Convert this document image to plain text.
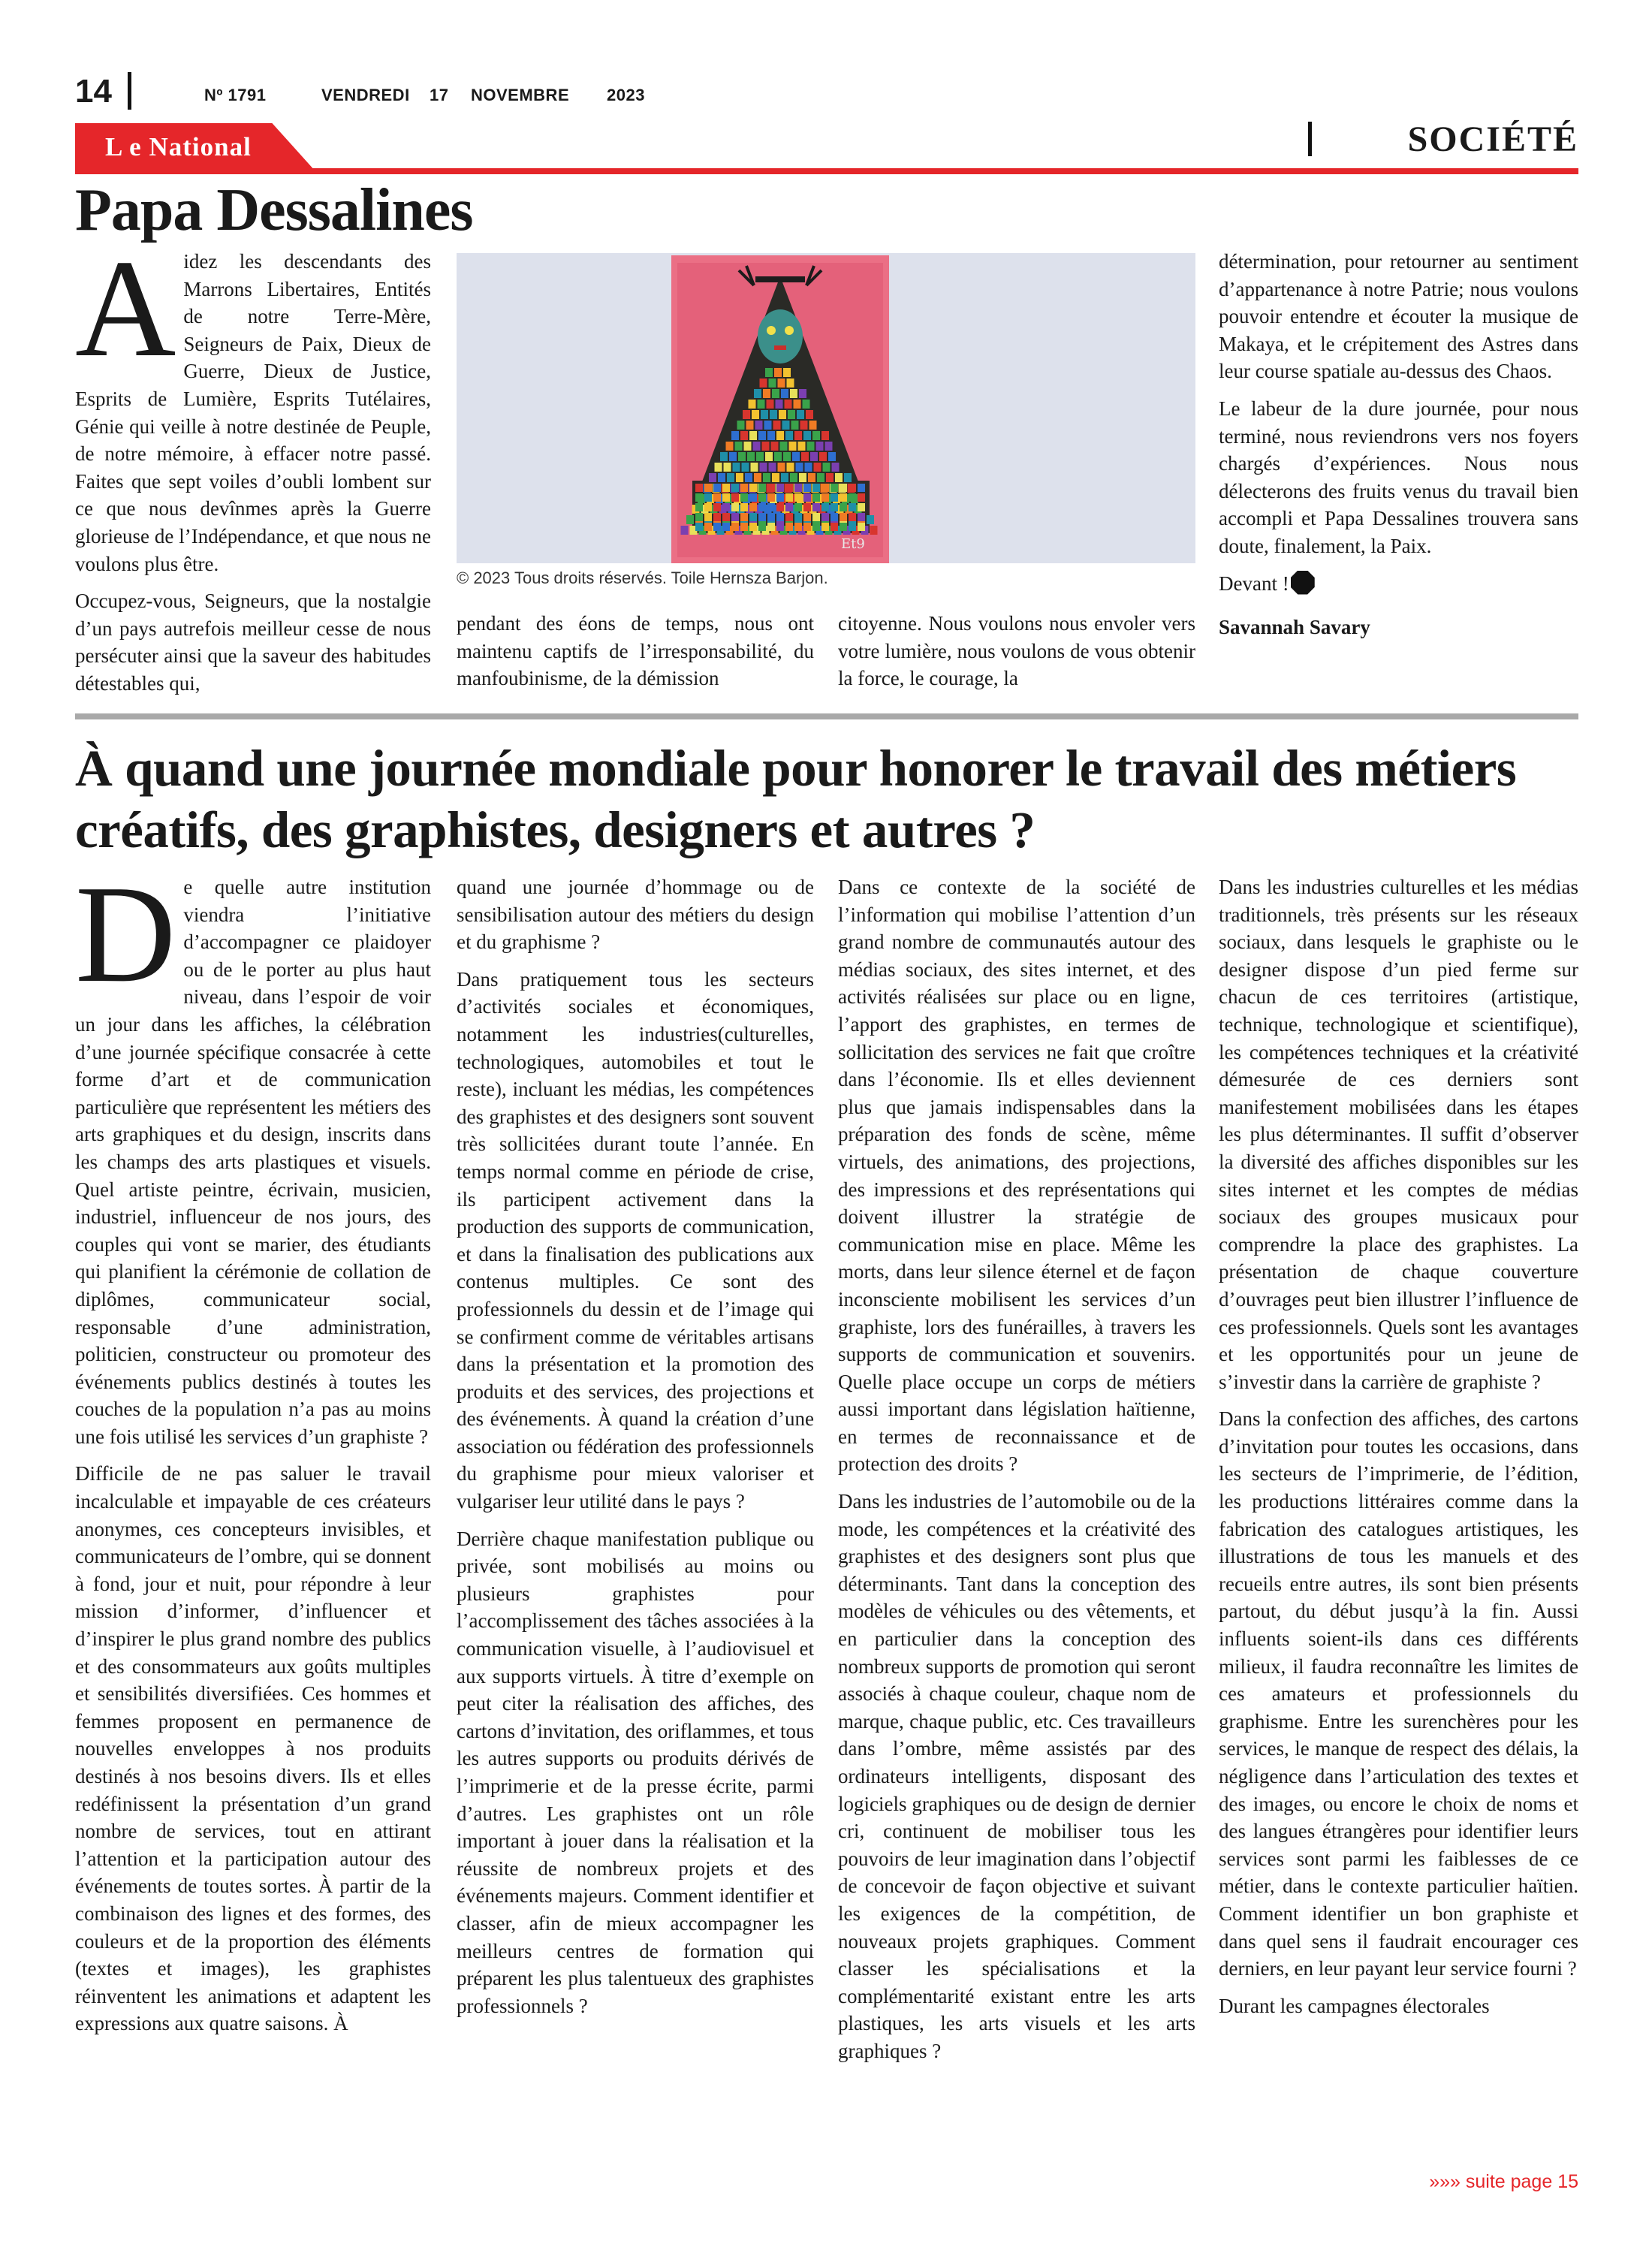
14	Nº 1791	VENDREDI 17 NOVEMBRE 2023
L e National	SOCIÉTÉ
Papa Dessalines

Aidez les descendants des Marrons Libertaires, Entités de notre Terre-Mère, Seigneurs de Paix, Dieux de Guerre, Dieux de Justice, Esprits de Lumière, Esprits Tutélaires, Génie qui veille à notre destinée de Peuple, de notre mémoire, à effacer notre passé. Faites que sept voiles d’oubli lombent sur ce que nous devînmes après la Guerre glorieuse de l’Indépendance, et que nous ne voulons plus être.

Occupez-vous, Seigneurs, que la nostalgie d’un pays autrefois meilleur cesse de nous persécuter ainsi que la saveur des habitudes détestables qui,

Et9
© 2023 Tous droits réservés. Toile Hernsza Barjon.

pendant des éons de temps, nous ont maintenu captifs de l’irresponsabilité, du manfoubinisme, de la démission

citoyenne. Nous voulons nous envoler vers votre lumière, nous voulons de vous obtenir la force, le courage, la

détermination, pour retourner au sentiment d’appartenance à notre Patrie; nous voulons pouvoir entendre et écouter la musique de Makaya, et le crépitement des Astres dans leur course spatiale au-dessus des Chaos.

Le labeur de la dure journée, pour nous terminé, nous reviendrons vers nos foyers chargés d’expériences. Nous nous délecterons des fruits venus du travail bien accompli et Papa Dessalines trouvera sans doute, finalement, la Paix.

Devant !

Savannah Savary

À quand une journée mondiale pour honorer le travail des métiers créatifs, des graphistes, designers et autres ?

De quelle autre institution viendra l’initiative d’accompagner ce plaidoyer ou de le porter au plus haut niveau, dans l’espoir de voir un jour dans les affiches, la célébration d’une journée spécifique consacrée à cette forme d’art et de communication particulière que représentent les métiers des arts graphiques et du design, inscrits dans les champs des arts plastiques et visuels. Quel artiste peintre, écrivain, musicien, industriel, influenceur de nos jours, des couples qui vont se marier, des étudiants qui planifient la cérémonie de collation de diplômes, communicateur social, responsable d’une administration, politicien, constructeur ou promoteur des événements publics destinés à toutes les couches de la population n’a pas au moins une fois utilisé les services d’un graphiste ?

Difficile de ne pas saluer le travail incalculable et impayable de ces créateurs anonymes, ces concepteurs invisibles, et communicateurs de l’ombre, qui se donnent à fond, jour et nuit, pour répondre à leur mission d’informer, d’influencer et d’inspirer le plus grand nombre des publics et des consommateurs aux goûts multiples et sensibilités diversifiées. Ces hommes et femmes proposent en permanence de nouvelles enveloppes à nos produits destinés à nos besoins divers. Ils et elles redéfinissent la présentation d’un grand nombre de services, tout en attirant l’attention et la participation autour des événements de toutes sortes. À partir de la combinaison des lignes et des formes, des couleurs et de la proportion des éléments (textes et images), les graphistes réinventent les animations et adaptent les expressions aux quatre saisons. À

quand une journée d’hommage ou de sensibilisation autour des métiers du design et du graphisme ?

Dans pratiquement tous les secteurs d’activités sociales et économiques, notamment les industries(culturelles, technologiques, automobiles et tout le reste), incluant les médias, les compétences des graphistes et des designers sont souvent très sollicitées durant toute l’année. En temps normal comme en période de crise, ils participent activement dans la production des supports de communication, et dans la finalisation des publications aux contenus multiples. Ce sont des professionnels du dessin et de l’image qui se confirment comme de véritables artisans dans la présentation et la promotion des produits et des services, des projections et des événements. À quand la création d’une association ou fédération des professionnels du graphisme pour mieux valoriser et vulgariser leur utilité dans le pays ?

Derrière chaque manifestation publique ou privée, sont mobilisés au moins ou plusieurs graphistes pour l’accomplissement des tâches associées à la communication visuelle, à l’audiovisuel et aux supports virtuels. À titre d’exemple on peut citer la réalisation des affiches, des cartons d’invitation, des oriflammes, et tous les autres supports ou produits dérivés de l’imprimerie et de la presse écrite, parmi d’autres. Les graphistes ont un rôle important à jouer dans la réalisation et la réussite de nombreux projets et des événements majeurs. Comment identifier et classer, afin de mieux accompagner les meilleurs centres de formation qui préparent les plus talentueux des graphistes professionnels ?

Dans ce contexte de la société de l’information qui mobilise l’attention d’un grand nombre de communautés autour des médias sociaux, des sites internet, et des activités réalisées sur place ou en ligne, l’apport des graphistes, en termes de sollicitation des services ne fait que croître dans l’économie. Ils et elles deviennent plus que jamais indispensables dans la préparation des fonds de scène, même virtuels, des animations, des projections, des impressions et des représentations qui doivent illustrer la stratégie de communication mise en place. Même les morts, dans leur silence éternel et de façon inconsciente mobilisent les services d’un graphiste, lors des funérailles, à travers les supports de communication et souvenirs. Quelle place occupe un corps de métiers aussi important dans législation haïtienne, en termes de reconnaissance et de protection des droits ?

Dans les industries de l’automobile ou de la mode, les compétences et la créativité des graphistes et des designers sont plus que déterminants. Tant dans la conception des modèles de véhicules ou des vêtements, et en particulier dans la conception des nombreux supports de promotion qui seront associés à chaque couleur, chaque nom de marque, chaque public, etc. Ces travailleurs dans l’ombre, même assistés par des ordinateurs intelligents, disposant des logiciels graphiques ou de design de dernier cri, continuent de mobiliser tous les pouvoirs de leur imagination dans l’objectif de concevoir de façon objective et suivant les exigences de la compétition, de nouveaux projets graphiques. Comment classer les spécialisations et la complémentarité existant entre les arts plastiques, les arts visuels et les arts graphiques ?

Dans les industries culturelles et les médias traditionnels, très présents sur les réseaux sociaux, dans lesquels le graphiste ou le designer dispose d’un pied ferme sur chacun de ces territoires (artistique, technique, technologique et scientifique), les compétences techniques et la créativité démesurée de ces derniers sont manifestement mobilisées dans les étapes les plus déterminantes. Il suffit d’observer la diversité des affiches disponibles sur les sites internet et les comptes de médias sociaux des groupes musicaux pour comprendre la place des graphistes. La présentation de chaque couverture d’ouvrages peut bien illustrer l’influence de ces professionnels. Quels sont les avantages et les opportunités pour un jeune de s’investir dans la carrière de graphiste ?

Dans la confection des affiches, des cartons d’invitation pour toutes les occasions, dans les secteurs de l’imprimerie, de l’édition, les productions littéraires comme dans la fabrication des catalogues artistiques, les illustrations de tous les manuels et des recueils entre autres, ils sont bien présents partout, du début jusqu’à la fin. Aussi influents soient-ils dans ces différents milieux, il faudra reconnaître les limites de ces amateurs et professionnels du graphisme. Entre les surenchères pour les services, le manque de respect des délais, la négligence dans l’articulation des textes et des images, ou encore le choix de noms et des langues étrangères pour identifier leurs services sont parmi les faiblesses de ce métier, dans le contexte particulier haïtien. Comment identifier un bon graphiste et dans quel sens il faudrait encourager ces derniers, en leur payant leur service fourni ?

Durant les campagnes électorales

»»» suite page 15
